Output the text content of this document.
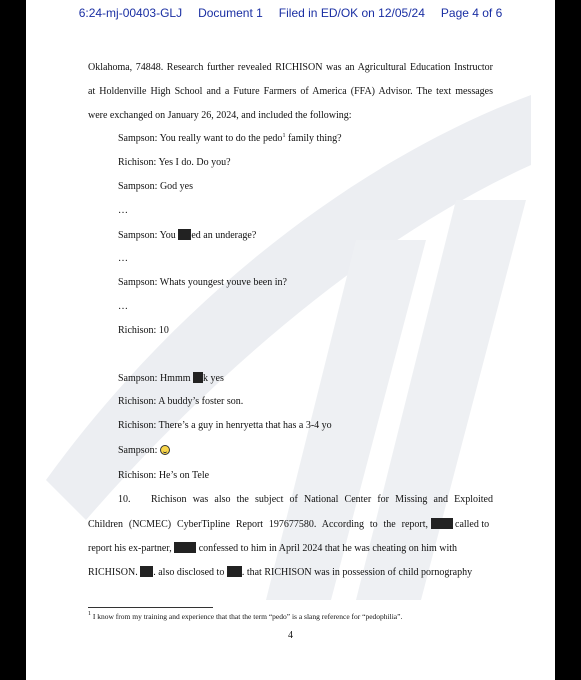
6:24-mj-00403-GLJ Document 1 Filed in ED/OK on 12/05/24 Page 4 of 6
Oklahoma, 74848. Research further revealed RICHISON was an Agricultural Education Instructor
at Holdenville High School and a Future Farmers of America (FFA) Advisor. The text messages
were exchanged on January 26, 2024, and included the following:
Sampson: You really want to do the pedo$^1$ family thing?
Richison: Yes I do. Do you?
Sampson: God yes
…
Sampson: You ed an underage?
…
Sampson: Whats youngest youve been in?
…
Richison: 10
Sampson: Hmmm k yes
Richison: A buddy’s foster son.
Richison: There’s a guy in henryetta that has a 3-4 yo
Sampson:
Richison: He’s on Tele
10. Richison was also the subject of National Center for Missing and Exploited
Children (NCMEC) CyberTipline Report 197677580. According to the report,	called to
report his ex-partner,	confessed to him in April 2024 that he was cheating on him with
RICHISON. . also disclosed to . that RICHISON was in possession of child pornography
$^1$ I know from my training and experience that that the term “pedo” is a slang reference for “pedophilia”.
4
